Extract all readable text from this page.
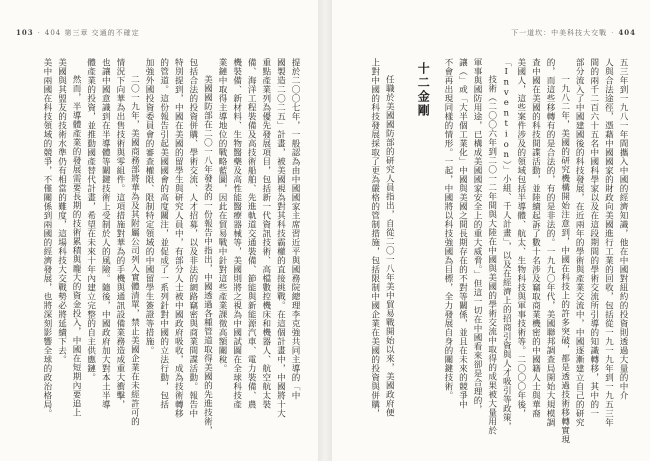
103 · 404 第三章 交通的不確定
提於二〇〇七年，一般認為由中國國家主席習近平與國務院總理李克強共同主導的「中
國製造二〇二五」計畫，被美國視為對其科技霸權的直接挑戰。在這個計畫中，中國將十大
重點產業列為優先發展項目，包括新一代資訊技術、高檔數控機床和機器人、航空航太裝
備、海洋工程裝備及高技術船舶、先進軌道交通裝備、節能與新能源汽車、電力裝備、農
機裝備、新材料、生物醫藥及高性能醫療器械等，美國則將之視為中國試圖在全球科技產
業鏈中取得主導地位的戰略藍圖，因此在貿易戰中針對這些產業課徵高額關稅。
美國國防部在二〇一八年發表的一份報告中指出，中國透過各種管道取得美國的先進技術，
包括合法的投資併購、學術交流、人才招募，以及非法的網路竊密與商業間諜活動。報告中
特別提到，中國在美國的留學生與研究人員中，有部分人士被中國政府吸收，成為技術轉移
的管道。這份報告引起美國國會的高度關注，並促成了一系列針對中國的立法行動，包括
加強外國投資委員會的審查權限、限制特定領域的中國留學生簽證等措施。
二〇一九年，美國商務部將華為及其附屬公司列入實體清單，禁止美國企業在未經許可的
情況下向華為出售技術與零組件。這項措施對華為的手機與通訊設備業務造成重大衝擊，
也讓中國意識到在半導體等關鍵技術上受制於人的風險。隨後，中國政府加大對本土半導
體產業的投資，並推動國產替代計畫，希望在未來十年內建立完整的自主供應鏈。
然而，半導體產業的發展需要長期的技術累積與龐大的資金投入，中國在短期內要追上
美國與其盟友的技術水準仍有相當的難度，這場科技大交戰勢必將延續下去。
美中兩國在科技領域的競爭，不僅關係到兩國的經濟發展，也將深刻影響全球的政治格局。
下一道坎：中美科技大交戰 · 404
五三年到一九八一年間攜入中國的經濟知識，他在中國對紐約的投資則透過大量的中介
人與合法途徑，憑藉中國國家的財政向美國進行工業的回收，包括從一九一九年到一九五三年
間的兩千二百六十五名中國科學家以及在這段期間的學術交流所引導的知識轉移，其中的一
部分流入了中國建國後的科技發展，在近兩年的學術與產業交流中，中國逐漸建立自己的研究
一九八二年，美國的研究機構開始注意到，中國在科技上的許多突破，都是透過技術移轉實現
的，而這些移轉有的是合法的，有的是非法的。一九九〇年代，美國聯邦調查局開始大規模調
查中國在美國的科技間諜活動，並陸續起訴了數十名涉及竊取商業機密的中國籍人士與華裔
美國人，這些案件涉及的領域包括半導體、航太、生物科技與軍事技術等。二〇〇〇年後，
「Invention）」小組、千人計畫」，以及在經濟上的招商引資與人才吸引等政策，
技術（二〇〇六年到二〇一二年間與大陸在中國與美國的學術交流中取得的成果被大量用於
軍事與國防用途，已構成美國國家安全上的重大威脅。」但這一切在中國看來卻是合理的，
讓（」或「大半個工業化」中國與美國之間長期存在的不對等關係，並且在未來的競爭中
不會再出現同樣的情形。一起，中國將以科技強國為目標，全力發展自身的關鍵技術。
十二金剛
任職於美國國防部的研究人員指出，自從二〇一八年美中貿易戰開始以來，美國政府便
上對中國的科技發展採取了更為嚴格的管制措施，包括限制中國企業在美國的投資與併購，
